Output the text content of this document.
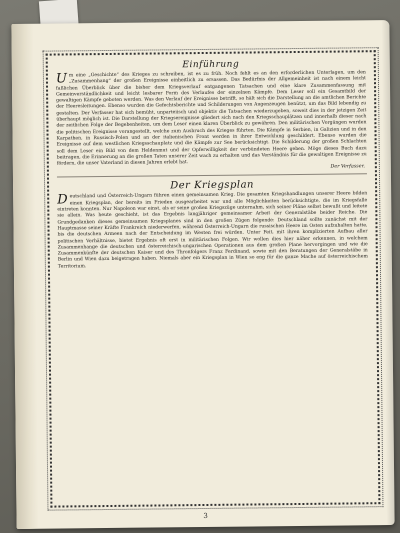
Einführung

Um eine „Geschichte“ des Krieges zu schreiben, ist es zu früh. Noch fehlt es an den erforderlichen Unterlagen, um den „Zusammenhang“ der großen Ereignisse einheitlich zu ersassen. Das Bedürfnis der Allgemeinheit ist nach einem leicht faßlichen Überblick über die bisher dem Kriegsverlauf entgangenen Tatsachen und eine klare Zusammenfassung mit Gemeinverständlichkeit und leicht lesbarer Form des Verlaufes der einzelnen Kämpfe. Dem Leser soll ein Gesamtbild der gewaltigen Kämpfe geboten werden. Was den Verlauf der Ereignisse betrifft, so hält sich die Darstellung an die amtlichen Berichte der Heeresleitungen. Ebenso wurden die Gefechtsberichte und Schilderungen von Augenzeugen benützt, um das Bild lebendig zu gestalten. Der Verfasser hat sich bemüht, unparteiisch und objektiv die Tatsachen wiederzugeben, soweit dies in der jetzigen Zeit überhaupt möglich ist. Die Darstellung der Kriegsereignisse gliedert sich nach den Kriegsschauplätzen und innerhalb dieser nach der zeitlichen Folge der Begebenheiten, um dem Leser einen klaren Überblick zu gewähren. Den militärischen Vorgängen wurden die politischen Ereignisse vorangestellt, welche zum Ausbruch des Krieges führten. Die Kämpfe in Serbien, in Galizien und in den Karpathen, in Russisch-Polen und an der italienischen Front werden in ihrer Entwicklung geschildert. Ebenso wurden die Ereignisse auf dem westlichen Kriegsschauplatz und die Kämpfe zur See berücksichtigt. Die Schilderung der großen Schlachten soll dem Leser ein Bild von dem Heldenmut und der Opferwilligkeit der verbündeten Heere geben. Möge dieses Buch dazu beitragen, die Erinnerung an die großen Taten unserer Zeit wach zu erhalten und das Verständnis für die gewaltigen Ereignisse zu fördern, die unser Vaterland in diesen Jahren erlebt hat.

Der Verfasser.
Der Kriegsplan

Deutschland und Österreich-Ungarn führen einen gemeinsamen Krieg. Die gesamten Kriegshandlungen unserer Heere bilden einen Kriegsplan, der bereits im Frieden ausgearbeitet war und alle Möglichkeiten berücksichtigte, die im Kriegsfalle eintreten konnten. Nur Napoleon war einst, als er seine großen Kriegszüge unternahm, sich seiner Pläne selbst bewußt und leitete sie allein. Was heute geschieht, ist das Ergebnis langjähriger gemeinsamer Arbeit der Generalstäbe beider Reiche. Die Grundgedanken dieses gemeinsamen Kriegsplanes sind in den großen Zügen folgende: Deutschland sollte zunächst mit der Hauptmasse seiner Kräfte Frankreich niederwerfen, während Österreich-Ungarn die russischen Heere im Osten aufzuhalten hatte, bis die deutschen Armeen nach der Entscheidung im Westen frei würden. Unter Feit, mit ihren komplizierten Aufbau aller politischen Verhältnisse, bietet Ergebnis oft erst in militärischen Folgen. Wir wollen dies hier näher erkennen, in welchem Zusammenhange die deutschen und österreichisch-ungarischen Operationen aus dem großen Plane hervorgingen und wie die Zusammenkünfte der deutschen Kaiser und des Thronfolgers Franz Ferdinand, sowie mit den Beratungen der Generalstäbe in Berlin und Wien dazu beigetragen haben. Niemals aber ein Kriegsplan in Wien so eng für die ganze Mache auf österreichischem Territorium.

3
